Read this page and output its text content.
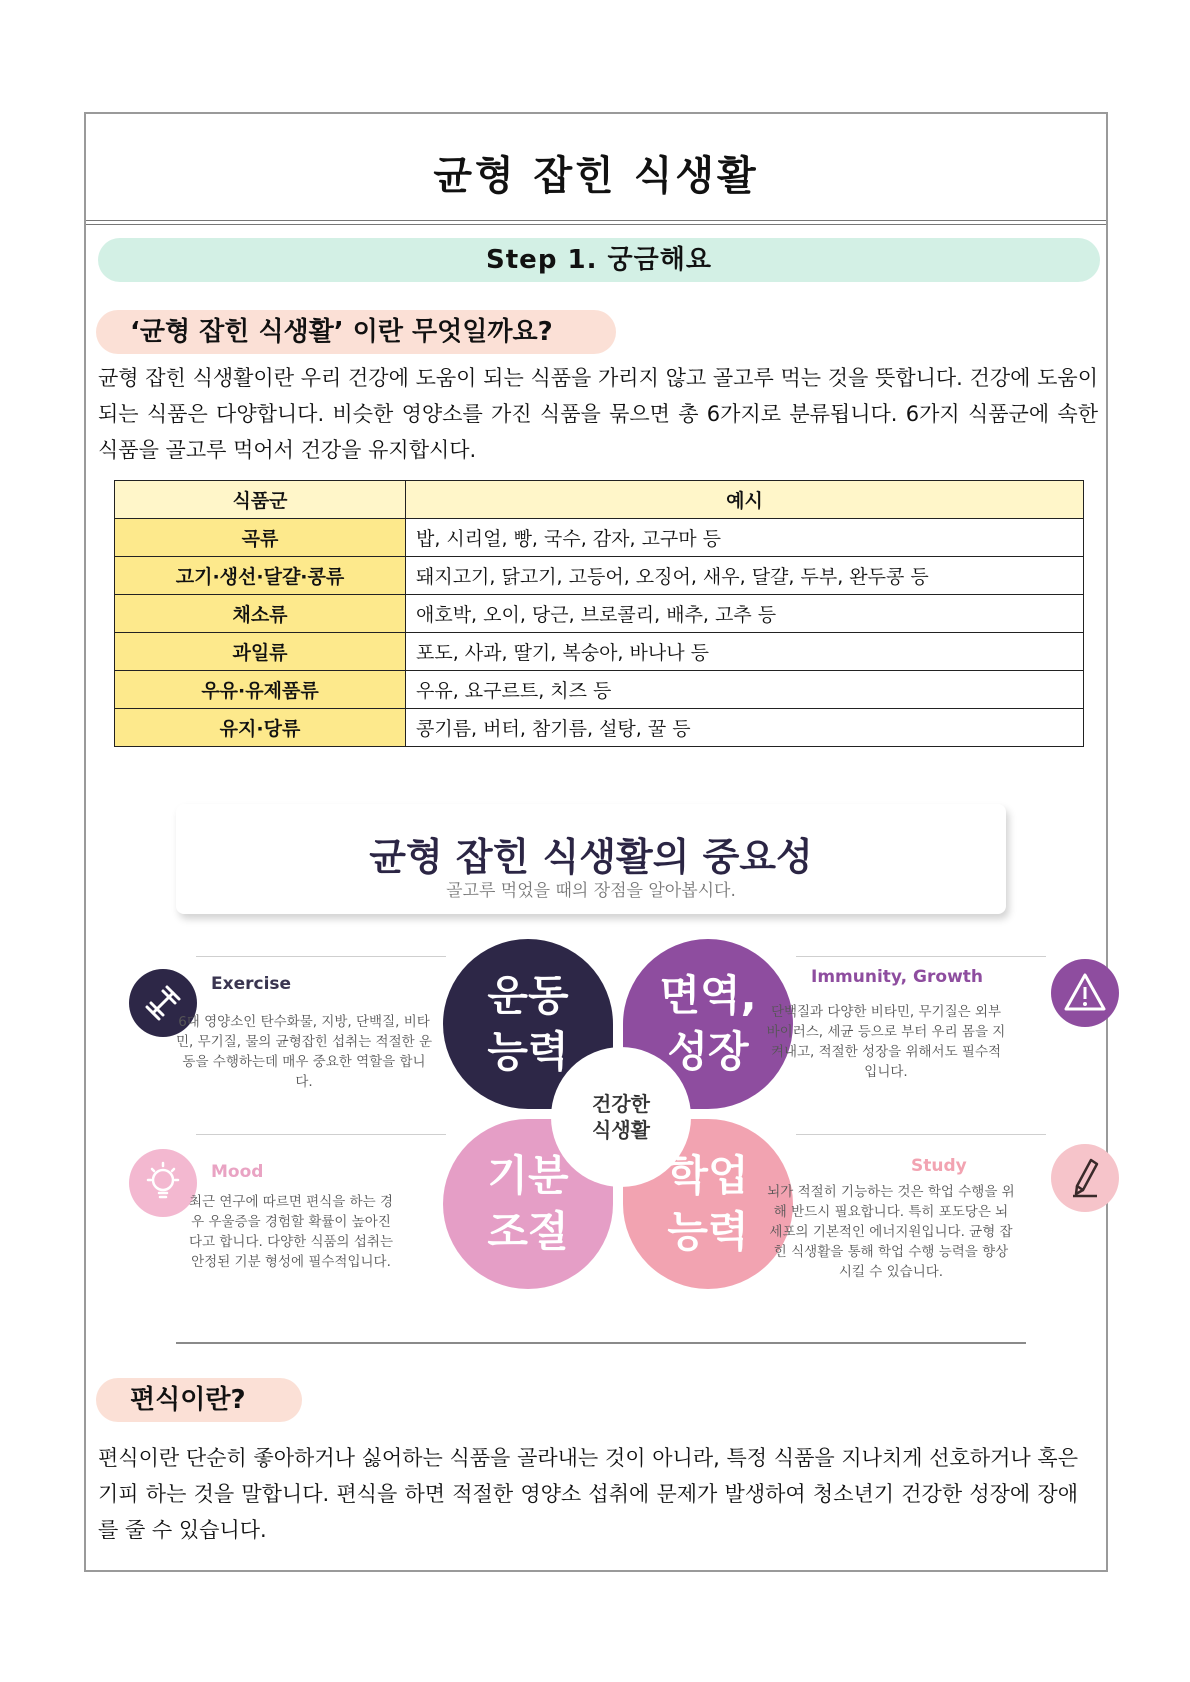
균형 잡힌 식생활
Step 1. 궁금해요
‘균형 잡힌 식생활’ 이란 무엇일까요?

균형 잡힌 식생활이란 우리 건강에 도움이 되는 식품을 가리지 않고 골고루 먹는 것을 뜻합니다. 건강에 도움이 되는 식품은 다양합니다. 비슷한 영양소를 가진 식품을 묶으면 총 6가지로 분류됩니다. 6가지 식품군에 속한 식품을 골고루 먹어서 건강을 유지합시다.

식품군	예시
곡류	밥, 시리얼, 빵, 국수, 감자, 고구마 등
고기·생선·달걀·콩류	돼지고기, 닭고기, 고등어, 오징어, 새우, 달걀, 두부, 완두콩 등
채소류	애호박, 오이, 당근, 브로콜리, 배추, 고추 등
과일류	포도, 사과, 딸기, 복숭아, 바나나 등
우유·유제품류	우유, 요구르트, 치즈 등
유지·당류	콩기름, 버터, 참기름, 설탕, 꿀 등
균형 잡힌 식생활의 중요성
골고루 먹었을 때의 장점을 알아봅시다.
운동
능력
면역,
성장
기분
조절
학업
능력
건강한
식생활
Exercise	Immunity, Growth
Mood	Study
6대 영양소인 탄수화물, 지방, 단백질, 비타민, 무기질, 물의 균형잡힌 섭취는 적절한 운동을 수행하는데 매우 중요한 역할을 합니다.
단백질과 다양한 비타민, 무기질은 외부 바이러스, 세균 등으로 부터 우리 몸을 지켜내고, 적절한 성장을 위해서도 필수적입니다.
최근 연구에 따르면 편식을 하는 경우 우울증을 경험할 확률이 높아진다고 합니다. 다양한 식품의 섭취는 안정된 기분 형성에 필수적입니다.
뇌가 적절히 기능하는 것은 학업 수행을 위해 반드시 필요합니다. 특히 포도당은 뇌 세포의 기본적인 에너지원입니다. 균형 잡힌 식생활을 통해 학업 수행 능력을 향상 시킬 수 있습니다.
편식이란?

편식이란 단순히 좋아하거나 싫어하는 식품을 골라내는 것이 아니라, 특정 식품을 지나치게 선호하거나 혹은 기피 하는 것을 말합니다. 편식을 하면 적절한 영양소 섭취에 문제가 발생하여 청소년기 건강한 성장에 장애를 줄 수 있습니다.
